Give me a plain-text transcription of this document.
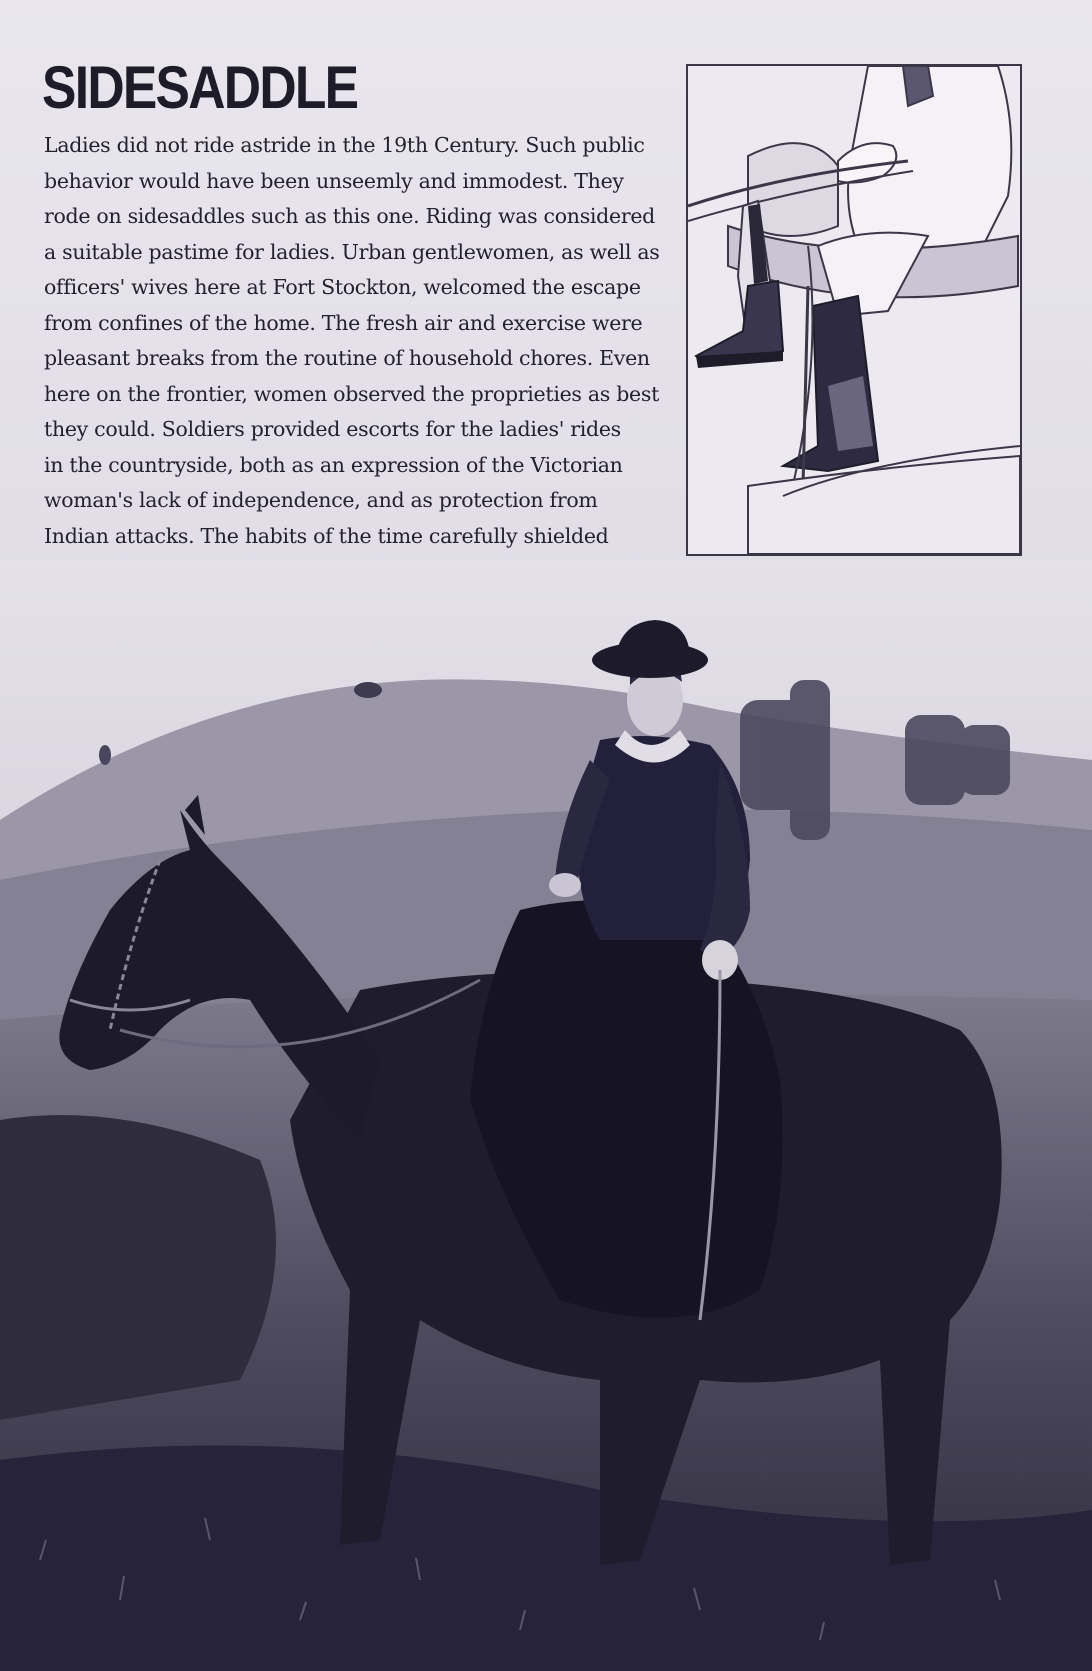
SIDESADDLE

Ladies did not ride astride in the 19th Century. Such public
behavior would have been unseemly and immodest. They
rode on sidesaddles such as this one. Riding was considered
a suitable pastime for ladies. Urban gentlewomen, as well as
officers' wives here at Fort Stockton, welcomed the escape
from confines of the home. The fresh air and exercise were
pleasant breaks from the routine of household chores. Even
here on the frontier, women observed the proprieties as best
they could. Soldiers provided escorts for the ladies' rides
in the countryside, both as an expression of the Victorian
woman's lack of independence, and as protection from
Indian attacks. The habits of the time carefully shielded
